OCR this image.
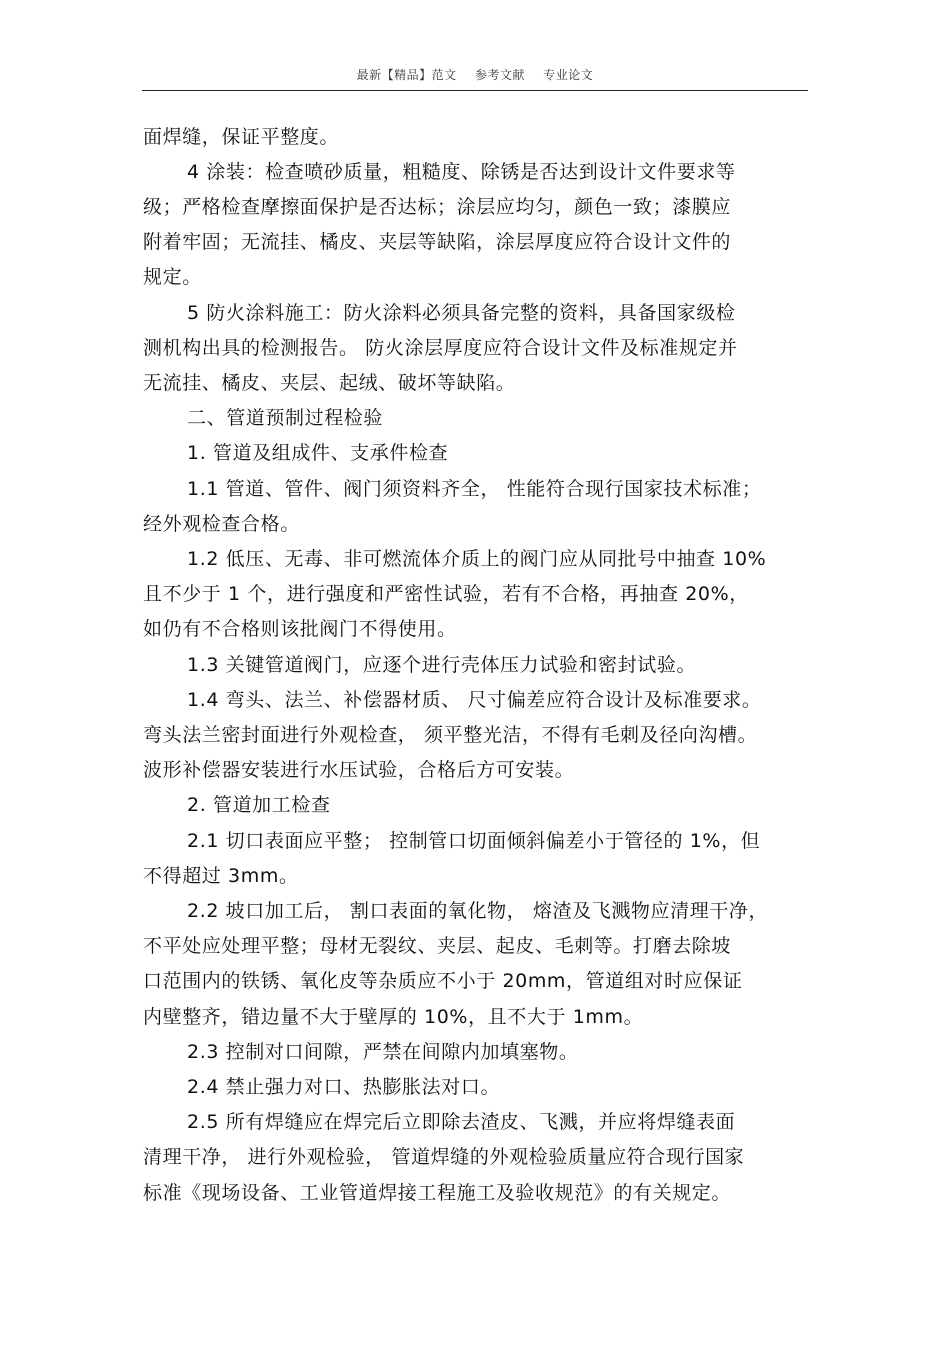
最新【精品】范文 参考文献 专业论文
面焊缝，保证平整度。
4 涂装：检查喷砂质量，粗糙度、除锈是否达到设计文件要求等
级；严格检查摩擦面保护是否达标；涂层应均匀，颜色一致；漆膜应
附着牢固；无流挂、橘皮、夹层等缺陷，涂层厚度应符合设计文件的
规定。
5 防火涂料施工：防火涂料必须具备完整的资料，具备国家级检
测机构出具的检测报告。 防火涂层厚度应符合设计文件及标准规定并
无流挂、橘皮、夹层、起绒、破坏等缺陷。
二、管道预制过程检验
1. 管道及组成件、支承件检查
1.1 管道、管件、阀门须资料齐全， 性能符合现行国家技术标准；
经外观检查合格。
1.2 低压、无毒、非可燃流体介质上的阀门应从同批号中抽查 10%
且不少于 1 个，进行强度和严密性试验，若有不合格，再抽查 20%，
如仍有不合格则该批阀门不得使用。
1.3 关键管道阀门，应逐个进行壳体压力试验和密封试验。
1.4 弯头、法兰、补偿器材质、 尺寸偏差应符合设计及标准要求。
弯头法兰密封面进行外观检查， 须平整光洁，不得有毛刺及径向沟槽。
波形补偿器安装进行水压试验，合格后方可安装。
2. 管道加工检查
2.1 切口表面应平整； 控制管口切面倾斜偏差小于管径的 1%，但
不得超过 3mm。
2.2 坡口加工后， 割口表面的氧化物， 熔渣及飞溅物应清理干净，
不平处应处理平整；母材无裂纹、夹层、起皮、毛刺等。打磨去除坡
口范围内的铁锈、氧化皮等杂质应不小于 20mm，管道组对时应保证
内壁整齐，错边量不大于壁厚的 10%，且不大于 1mm。
2.3 控制对口间隙，严禁在间隙内加填塞物。
2.4 禁止强力对口、热膨胀法对口。
2.5 所有焊缝应在焊完后立即除去渣皮、飞溅，并应将焊缝表面
清理干净， 进行外观检验， 管道焊缝的外观检验质量应符合现行国家
标准《现场设备、工业管道焊接工程施工及验收规范》的有关规定。
